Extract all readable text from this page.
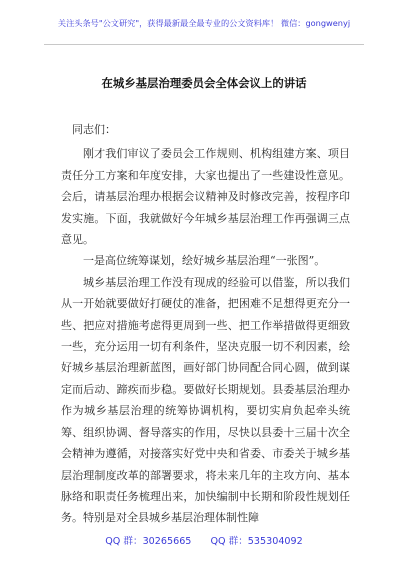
关注头条号"公文研究"，获得最新最全最专业的公文资料库！ 微信：gongwenyj
在城乡基层治理委员会全体会议上的讲话

同志们：

刚才我们审议了委员会工作规则、机构组建方案、项目责任分工方案和年度安排，大家也提出了一些建设性意见。会后，请基层治理办根据会议精神及时修改完善，按程序印发实施。下面，我就做好今年城乡基层治理工作再强调三点意见。

一是高位统筹谋划，绘好城乡基层治理“一张图”。

城乡基层治理工作没有现成的经验可以借鉴，所以我们从一开始就要做好打硬仗的准备，把困难不足想得更充分一些、把应对措施考虑得更周到一些、把工作举措做得更细致一些，充分运用一切有利条件，坚决克服一切不利因素，绘好城乡基层治理新蓝图，画好部门协同配合同心圆，做到谋定而后动、蹄疾而步稳。要做好长期规划。县委基层治理办作为城乡基层治理的统筹协调机构，要切实肩负起牵头统筹、组织协调、督导落实的作用，尽快以县委十三届十次全会精神为遵循，对接落实好党中央和省委、市委关于城乡基层治理制度改革的部署要求，将未来几年的主攻方向、基本脉络和职责任务梳理出来，加快编制中长期和阶段性规划任务。特别是对全县城乡基层治理体制性障

QQ 群：30265665 QQ 群：535304092
